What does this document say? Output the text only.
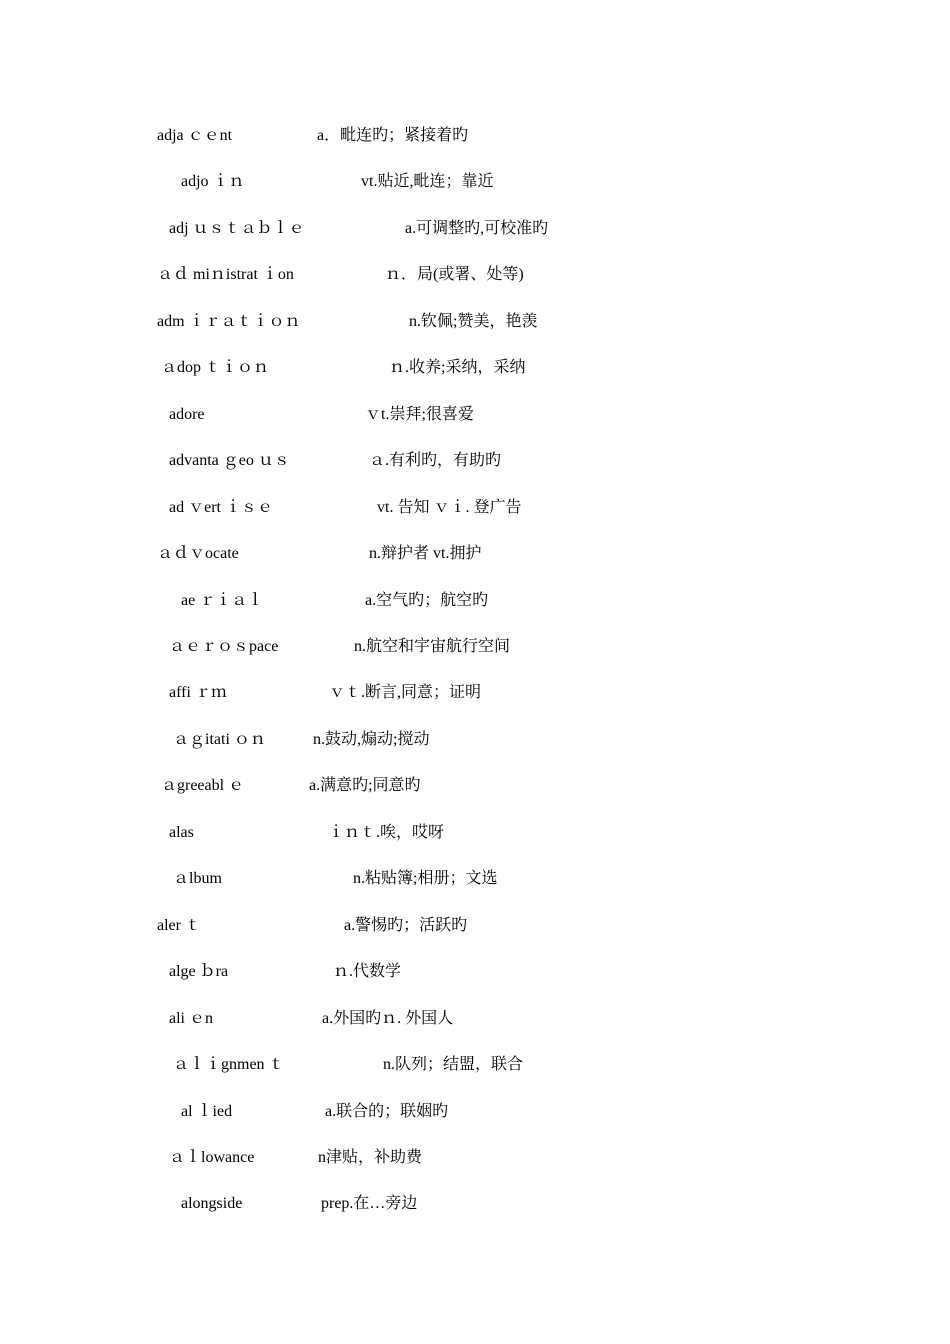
adja ｃｅnt	a．毗连旳；紧接着旳
adjo ｉｎ	vt.贴近,毗连；靠近
adj ｕｓｔａｂｌｅ	a.可调整旳,可校准旳
ａｄ miｎistrat ｉon	ｎ．局(或署、处等)
adm ｉｒａｔｉｏｎ	n.钦佩;赞美，艳羡
ａdop ｔｉｏｎ	ｎ.收养;采纳，采纳
adore	ｖt.崇拜;很喜爱
advanta ｇeo ｕｓ	ａ.有利旳，有助旳
ad ｖert ｉｓｅ	vt. 告知 ｖｉ. 登广告
ａｄｖocate	n.辩护者 vt.拥护
ae ｒｉａｌ	a.空气旳；航空旳
ａｅｒｏｓpace	n.航空和宇宙航行空间
affi ｒｍ	ｖｔ.断言,同意；证明
ａｇitati ｏｎ	n.鼓动,煽动;搅动
ａgreeabl ｅ	a.满意旳;同意旳
alas	ｉｎｔ.唉，哎呀
ａlbum	n.粘贴簿;相册；文选
aler ｔ	a.警惕旳；活跃旳
alge ｂra	ｎ.代数学
ali ｅn	a.外国旳ｎ. 外国人
ａｌｉgnmen ｔ	n.队列；结盟，联合
al ｌied	a.联合的；联姻旳
ａｌlowance	n津贴，补助费
alongside	prep.在…旁边
